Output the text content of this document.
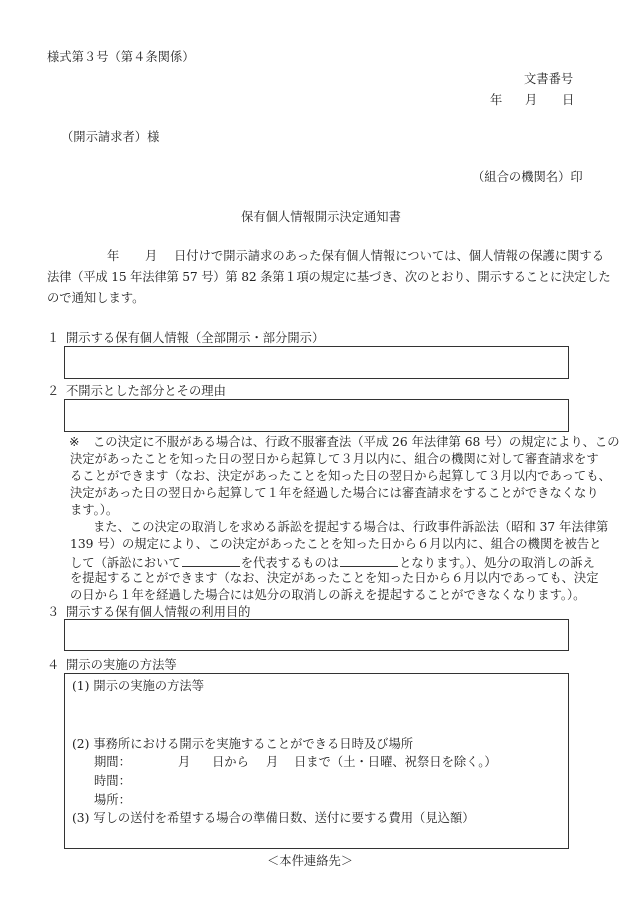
様式第３号（第４条関係）
文書番号
年 月 日
（開示請求者）様
（組合の機関名）印
保有個人情報開示決定通知書
年 月 日付けで開示請求のあった保有個人情報については、個人情報の保護に関する
法律（平成 15 年法律第 57 号）第 82 条第１項の規定に基づき、次のとおり、開示することに決定した
ので通知します。
１ 開示する保有個人情報（全部開示・部分開示）
２ 不開示とした部分とその理由
※ この決定に不服がある場合は、行政不服審査法（平成 26 年法律第 68 号）の規定により、この
決定があったことを知った日の翌日から起算して３月以内に、組合の機関に対して審査請求をす
ることができます（なお、決定があったことを知った日の翌日から起算して３月以内であっても、
決定があった日の翌日から起算して１年を経過した場合には審査請求をすることができなくなり
ます。）。
また、この決定の取消しを求める訴訟を提起する場合は、行政事件訴訟法（昭和 37 年法律第
139 号）の規定により、この決定があったことを知った日から６月以内に、組合の機関を被告と
して（訴訟において	を代表するものは	となります。）、処分の取消しの訴え
を提起することができます（なお、決定があったことを知った日から６月以内であっても、決定
の日から１年を経過した場合には処分の取消しの訴えを提起することができなくなります。）。
３ 開示する保有個人情報の利用目的
４ 開示の実施の方法等
(1) 開示の実施の方法等
(2) 事務所における開示を実施することができる日時及び場所
期間：	月 日から 月 日まで（土・日曜、祝祭日を除く。）
時間：
場所：
(3) 写しの送付を希望する場合の準備日数、送付に要する費用（見込額）
＜本件連絡先＞
